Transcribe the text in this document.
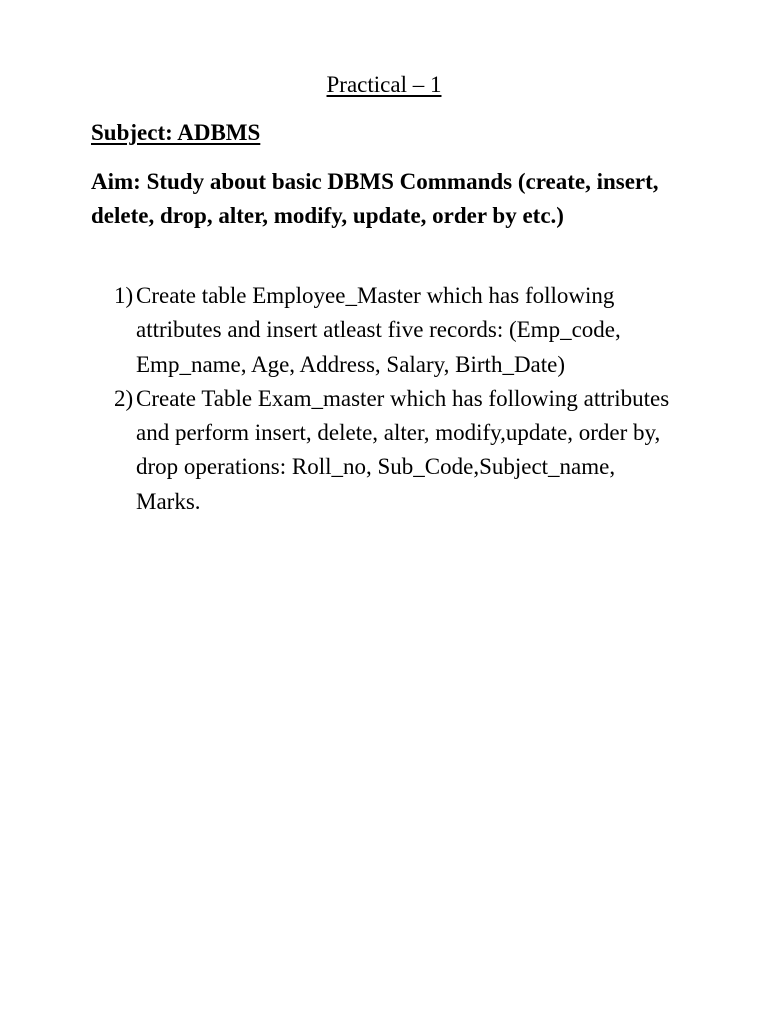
Practical – 1
Subject: ADBMS
Aim: Study about basic DBMS Commands (create, insert, delete, drop, alter, modify, update, order by etc.)
1) Create table Employee_Master which has following attributes and insert atleast five records: (Emp_code, Emp_name, Age, Address, Salary, Birth_Date)
2) Create Table Exam_master which has following attributes and perform insert, delete, alter, modify,update, order by, drop operations: Roll_no, Sub_Code,Subject_name, Marks.
